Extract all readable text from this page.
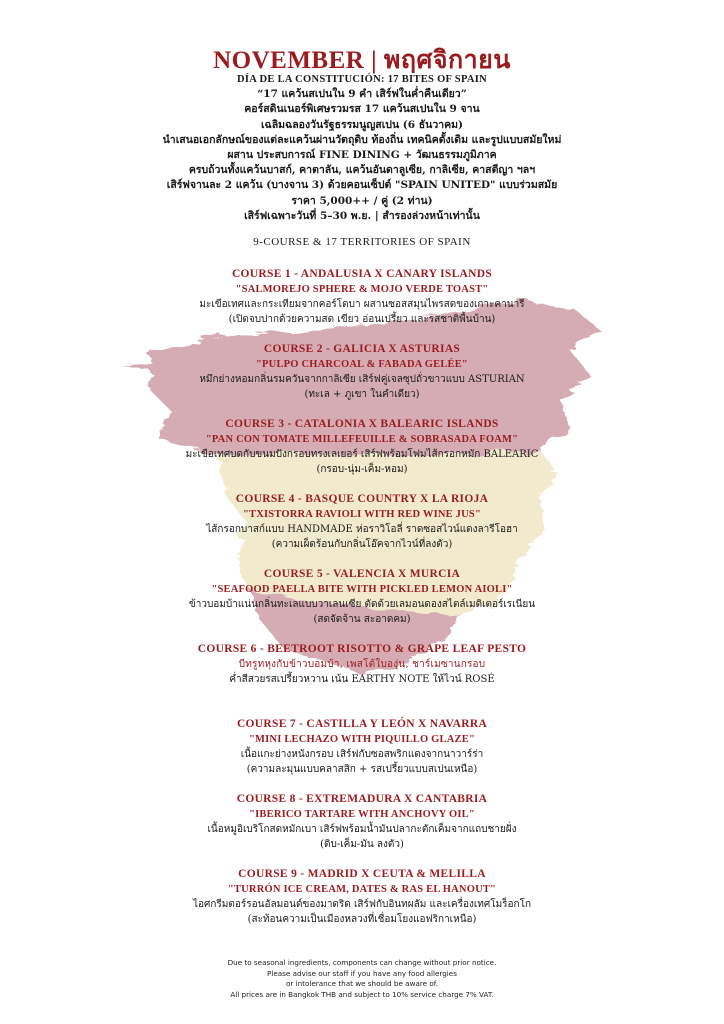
NOVEMBER | พฤศจิกายน
DÍA DE LA CONSTITUCIÓN: 17 BITES OF SPAIN
“17 แคว้นสเปนใน 9 คำ เสิร์ฟในค่ำคืนเดียว”
คอร์สดินเนอร์พิเศษรวมรส 17 แคว้นสเปนใน 9 จาน
เฉลิมฉลองวันรัฐธรรมนูญสเปน (6 ธันวาคม)
นำเสนอเอกลักษณ์ของแต่ละแคว้นผ่านวัตถุดิบ ท้องถิ่น เทคนิคดั้งเดิม และรูปแบบสมัยใหม่
ผสาน ประสบการณ์ FINE DINING + วัฒนธรรมภูมิภาค
ครบถ้วนทั้งแคว้นบาสก์, คาตาลัน, แคว้นอันดาลูเซีย, กาลิเซีย, คาสตีญา ฯลฯ
เสิร์ฟจานละ 2 แคว้น (บางจาน 3) ด้วยคอนเซ็ปต์ "SPAIN UNITED" แบบร่วมสมัย
ราคา 5,000++ / คู่ (2 ท่าน)
เสิร์ฟเฉพาะวันที่ 5–30 พ.ย. | สำรองล่วงหน้าเท่านั้น
9-COURSE & 17 TERRITORIES OF SPAIN
COURSE 1 - ANDALUSIA X CANARY ISLANDS
"SALMOREJO SPHERE & MOJO VERDE TOAST"
มะเขือเทศและกระเทียมจากคอร์โดบา ผสานซอสสมุนไพรสดของเกาะคานารี
(เปิดจบปากด้วยความสด เขียว อ่อนเปรี้ยว และรสชาติพื้นบ้าน)
COURSE 2 - GALICIA X ASTURIAS
"PULPO CHARCOAL & FABADA GELÉE"
หมึกย่างหอมกลิ่นรมควันจากกาลิเซีย เสิร์ฟคู่เจลซุปถั่วขาวแบบ ASTURIAN
(ทะเล + ภูเขา ในคำเดียว)
COURSE 3 - CATALONIA X BALEARIC ISLANDS
"PAN CON TOMATE MILLEFEUILLE & SOBRASADA FOAM"
มะเขือเทศบดกับขนมปังกรอบทรงเลเยอร์ เสิร์ฟพร้อมโฟมไส้กรอกหมัก BALEARIC
(กรอบ-นุ่ม-เค็ม-หอม)
COURSE 4 - BASQUE COUNTRY X LA RIOJA
"TXISTORRA RAVIOLI WITH RED WINE JUS"
ไส้กรอกบาสก์แบบ HANDMADE ห่อราวิโอลี่ ราดซอสไวน์แดงลารีโอฮา
(ความเผ็ดร้อนกับกลิ่นโอ๊คจากไวน์ที่ลงตัว)
COURSE 5 - VALENCIA X MURCIA
"SEAFOOD PAELLA BITE WITH PICKLED LEMON AIOLI"
ข้าวบอมบ้าแน่นกลิ่นทะเลแบบวาเลนเซีย ตัดด้วยเลมอนดองสไตล์เมดิเตอร์เรเนียน
(สดจัดจ้าน สะอาดคม)
COURSE 6 - BEETROOT RISOTTO & GRAPE LEAF PESTO
บีทรูทหุงกับข้าวบอมบ้า, เพสโต้ใบองุ่น, ชาร์เมซานกรอบ
ค่ำสีสวยรสเปรี้ยวหวาน เน้น EARTHY NOTE ให้ไวน์ ROSÉ
COURSE 7 - CASTILLA Y LEÓN X NAVARRA
"MINI LECHAZO WITH PIQUILLO GLAZE"
เนื้อแกะย่างหนังกรอบ เสิร์ฟกับซอสพริกแดงจากนาวาร์ร่า
(ความละมุนแบบคลาสสิก + รสเปรี้ยวแบบสเปนเหนือ)
COURSE 8 - EXTREMADURA X CANTABRIA
"IBERICO TARTARE WITH ANCHOVY OIL"
เนื้อหมูอิเบริโกสดหมักเบา เสิร์ฟพร้อมน้ำมันปลากะตักเค็มจากแถบชายฝั่ง
(ดิบ-เค็ม-มัน ลงตัว)
COURSE 9 - MADRID X CEUTA & MELILLA
"TURRÓN ICE CREAM, DATES & RAS EL HANOUT"
ไอศกรีมตอร์รอนอัลมอนด์ของมาดริด เสิร์ฟกับอินทผลัม และเครื่องเทศโมร็อกโก
(สะท้อนความเป็นเมืองหลวงที่เชื่อมโยงแอฟริกาเหนือ)
Due to seasonal ingredients, components can change without prior notice.
Please advise our staff if you have any food allergies
or intolerance that we should be aware of.
All prices are in Bangkok THB and subject to 10% service charge 7% VAT.
